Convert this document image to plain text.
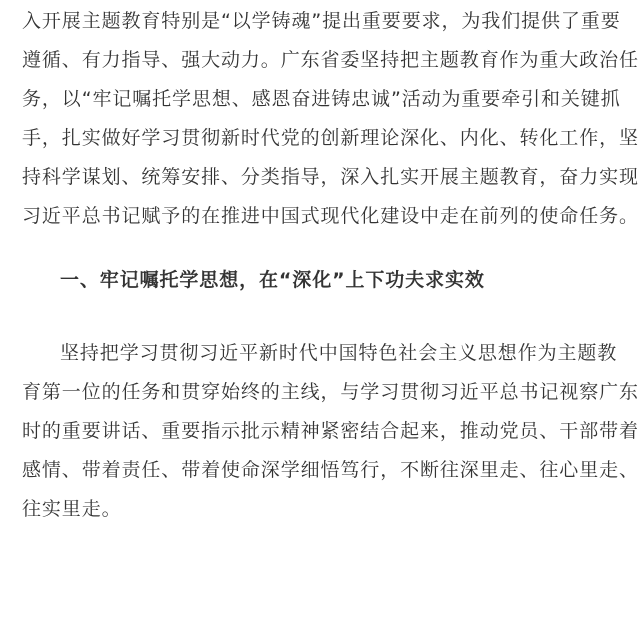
入开展主题教育特别是“以学铸魂”提出重要要求，为我们提供了重要
遵循、有力指导、强大动力。广东省委坚持把主题教育作为重大政治任
务，以“牢记嘱托学思想、感恩奋进铸忠诚”活动为重要牵引和关键抓
手，扎实做好学习贯彻新时代党的创新理论深化、内化、转化工作，坚
持科学谋划、统筹安排、分类指导，深入扎实开展主题教育，奋力实现
习近平总书记赋予的在推进中国式现代化建设中走在前列的使命任务。

一、牢记嘱托学思想，在“深化”上下功夫求实效

坚持把学习贯彻习近平新时代中国特色社会主义思想作为主题教
育第一位的任务和贯穿始终的主线，与学习贯彻习近平总书记视察广东
时的重要讲话、重要指示批示精神紧密结合起来，推动党员、干部带着
感情、带着责任、带着使命深学细悟笃行，不断往深里走、往心里走、
往实里走。
